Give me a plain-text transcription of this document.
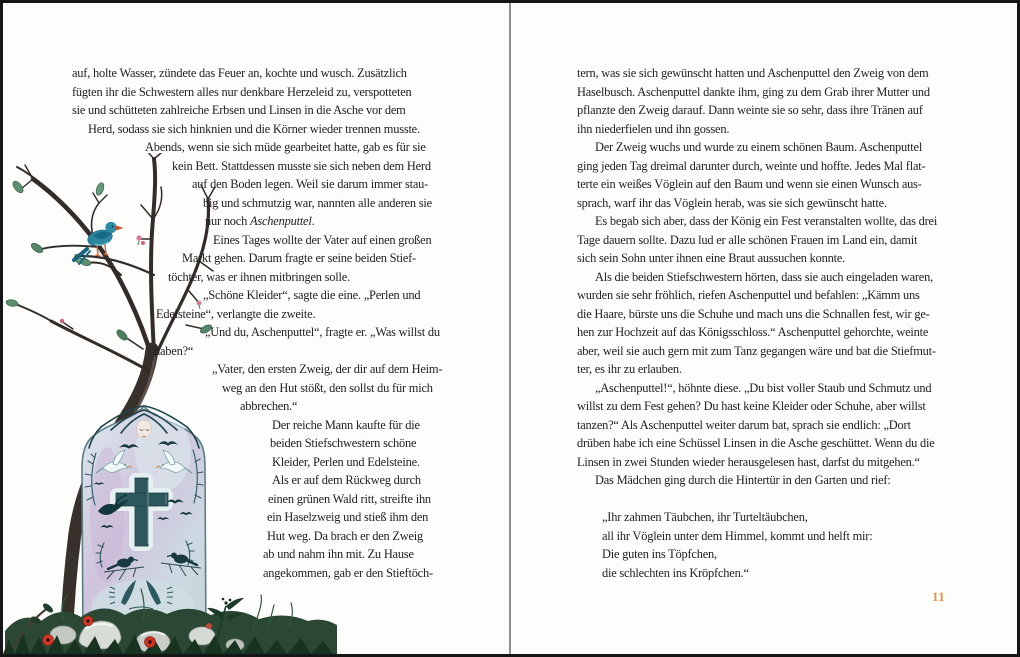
auf, holte Wasser, zündete das Feuer an, kochte und wusch. Zusätzlich
fügten ihr die Schwestern alles nur denkbare Herzeleid zu, verspotteten
sie und schütteten zahlreiche Erbsen und Linsen in die Asche vor dem
Herd, sodass sie sich hinknien und die Körner wieder trennen musste.
Abends, wenn sie sich müde gearbeitet hatte, gab es für sie
kein Bett. Stattdessen musste sie sich neben dem Herd
auf den Boden legen. Weil sie darum immer stau-
big und schmutzig war, nannten alle anderen sie
nur noch Aschenputtel.
Eines Tages wollte der Vater auf einen großen
Markt gehen. Darum fragte er seine beiden Stief-
töchter, was er ihnen mitbringen solle.
„Schöne Kleider“, sagte die eine. „Perlen und
Edelsteine“, verlangte die zweite.
„Und du, Aschenputtel“, fragte er. „Was willst du
haben?“
„Vater, den ersten Zweig, der dir auf dem Heim-
weg an den Hut stößt, den sollst du für mich
abbrechen.“
Der reiche Mann kaufte für die
beiden Stiefschwestern schöne
Kleider, Perlen und Edelsteine.
Als er auf dem Rückweg durch
einen grünen Wald ritt, streifte ihn
ein Haselzweig und stieß ihm den
Hut weg. Da brach er den Zweig
ab und nahm ihn mit. Zu Hause
angekommen, gab er den Stieftöch-
tern, was sie sich gewünscht hatten und Aschenputtel den Zweig von dem
Haselbusch. Aschenputtel dankte ihm, ging zu dem Grab ihrer Mutter und
pflanzte den Zweig darauf. Dann weinte sie so sehr, dass ihre Tränen auf
ihn niederfielen und ihn gossen.
Der Zweig wuchs und wurde zu einem schönen Baum. Aschenputtel
ging jeden Tag dreimal darunter durch, weinte und hoffte. Jedes Mal flat-
terte ein weißes Vöglein auf den Baum und wenn sie einen Wunsch aus-
sprach, warf ihr das Vöglein herab, was sie sich gewünscht hatte.
Es begab sich aber, dass der König ein Fest veranstalten wollte, das drei
Tage dauern sollte. Dazu lud er alle schönen Frauen im Land ein, damit
sich sein Sohn unter ihnen eine Braut aussuchen konnte.
Als die beiden Stiefschwestern hörten, dass sie auch eingeladen waren,
wurden sie sehr fröhlich, riefen Aschenputtel und befahlen: „Kämm uns
die Haare, bürste uns die Schuhe und mach uns die Schnallen fest, wir ge-
hen zur Hochzeit auf das Königsschloss.“ Aschenputtel gehorchte, weinte
aber, weil sie auch gern mit zum Tanz gegangen wäre und bat die Stiefmut-
ter, es ihr zu erlauben.
„Aschenputtel!“, höhnte diese. „Du bist voller Staub und Schmutz und
willst zu dem Fest gehen? Du hast keine Kleider oder Schuhe, aber willst
tanzen?“ Als Aschenputtel weiter darum bat, sprach sie endlich: „Dort
drüben habe ich eine Schüssel Linsen in die Asche geschüttet. Wenn du die
Linsen in zwei Stunden wieder herausgelesen hast, darfst du mitgehen.“
Das Mädchen ging durch die Hintertür in den Garten und rief:
„Ihr zahmen Täubchen, ihr Turteltäubchen,
all ihr Vöglein unter dem Himmel, kommt und helft mir:
Die guten ins Töpfchen,
die schlechten ins Kröpfchen.“
11
